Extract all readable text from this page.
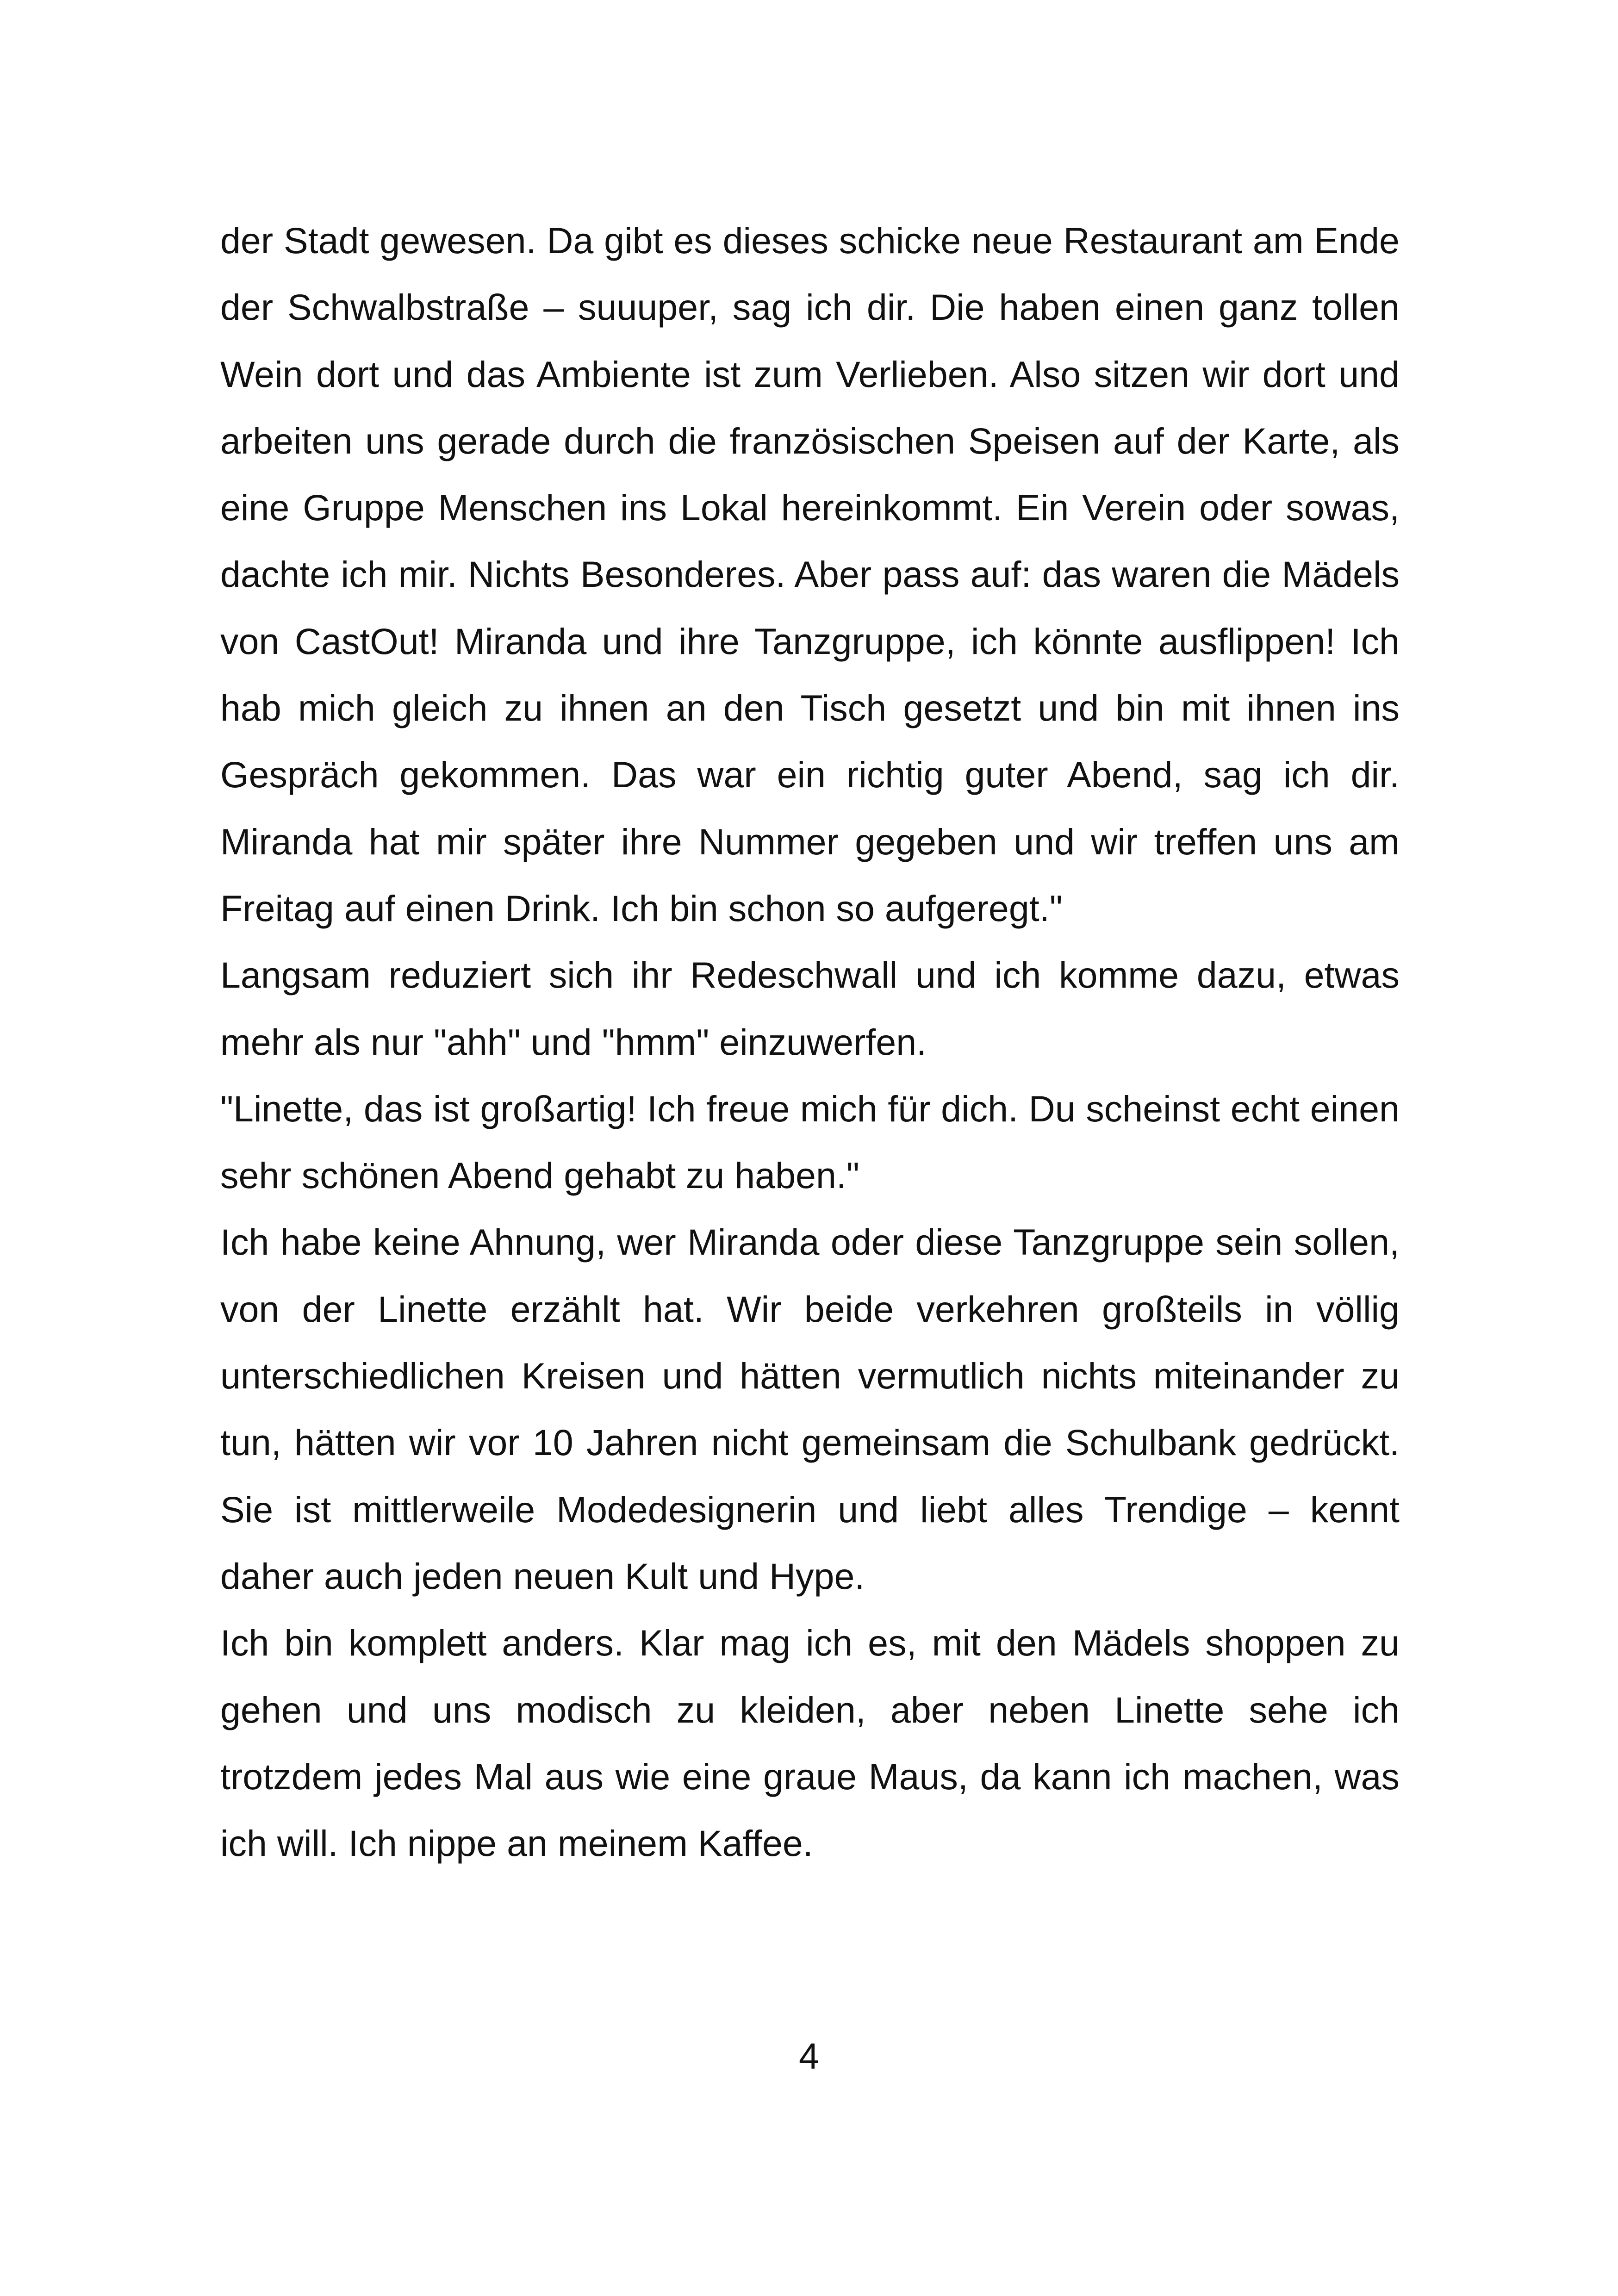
der Stadt gewesen. Da gibt es dieses schicke neue Restaurant am Ende der Schwalbstraße – suuuper, sag ich dir. Die haben einen ganz tollen Wein dort und das Ambiente ist zum Verlieben. Also sitzen wir dort und arbeiten uns gerade durch die französischen Speisen auf der Karte, als eine Gruppe Menschen ins Lokal hereinkommt. Ein Verein oder sowas, dachte ich mir. Nichts Besonderes. Aber pass auf: das waren die Mädels von CastOut! Miranda und ihre Tanzgruppe, ich könnte ausflippen! Ich hab mich gleich zu ihnen an den Tisch gesetzt und bin mit ihnen ins Gespräch gekommen. Das war ein richtig guter Abend, sag ich dir. Miranda hat mir später ihre Nummer gegeben und wir treffen uns am Freitag auf einen Drink. Ich bin schon so aufgeregt."

Langsam reduziert sich ihr Redeschwall und ich komme dazu, etwas mehr als nur "ahh" und "hmm" einzuwerfen.

"Linette, das ist großartig! Ich freue mich für dich. Du scheinst echt einen sehr schönen Abend gehabt zu haben."

Ich habe keine Ahnung, wer Miranda oder diese Tanzgruppe sein sollen, von der Linette erzählt hat. Wir beide verkehren großteils in völlig unterschiedlichen Kreisen und hätten vermutlich nichts miteinander zu tun, hätten wir vor 10 Jahren nicht gemeinsam die Schulbank gedrückt. Sie ist mittlerweile Modedesignerin und liebt alles Trendige – kennt daher auch jeden neuen Kult und Hype.

Ich bin komplett anders. Klar mag ich es, mit den Mädels shoppen zu gehen und uns modisch zu kleiden, aber neben Linette sehe ich trotzdem jedes Mal aus wie eine graue Maus, da kann ich machen, was ich will. Ich nippe an meinem Kaffee.

4
